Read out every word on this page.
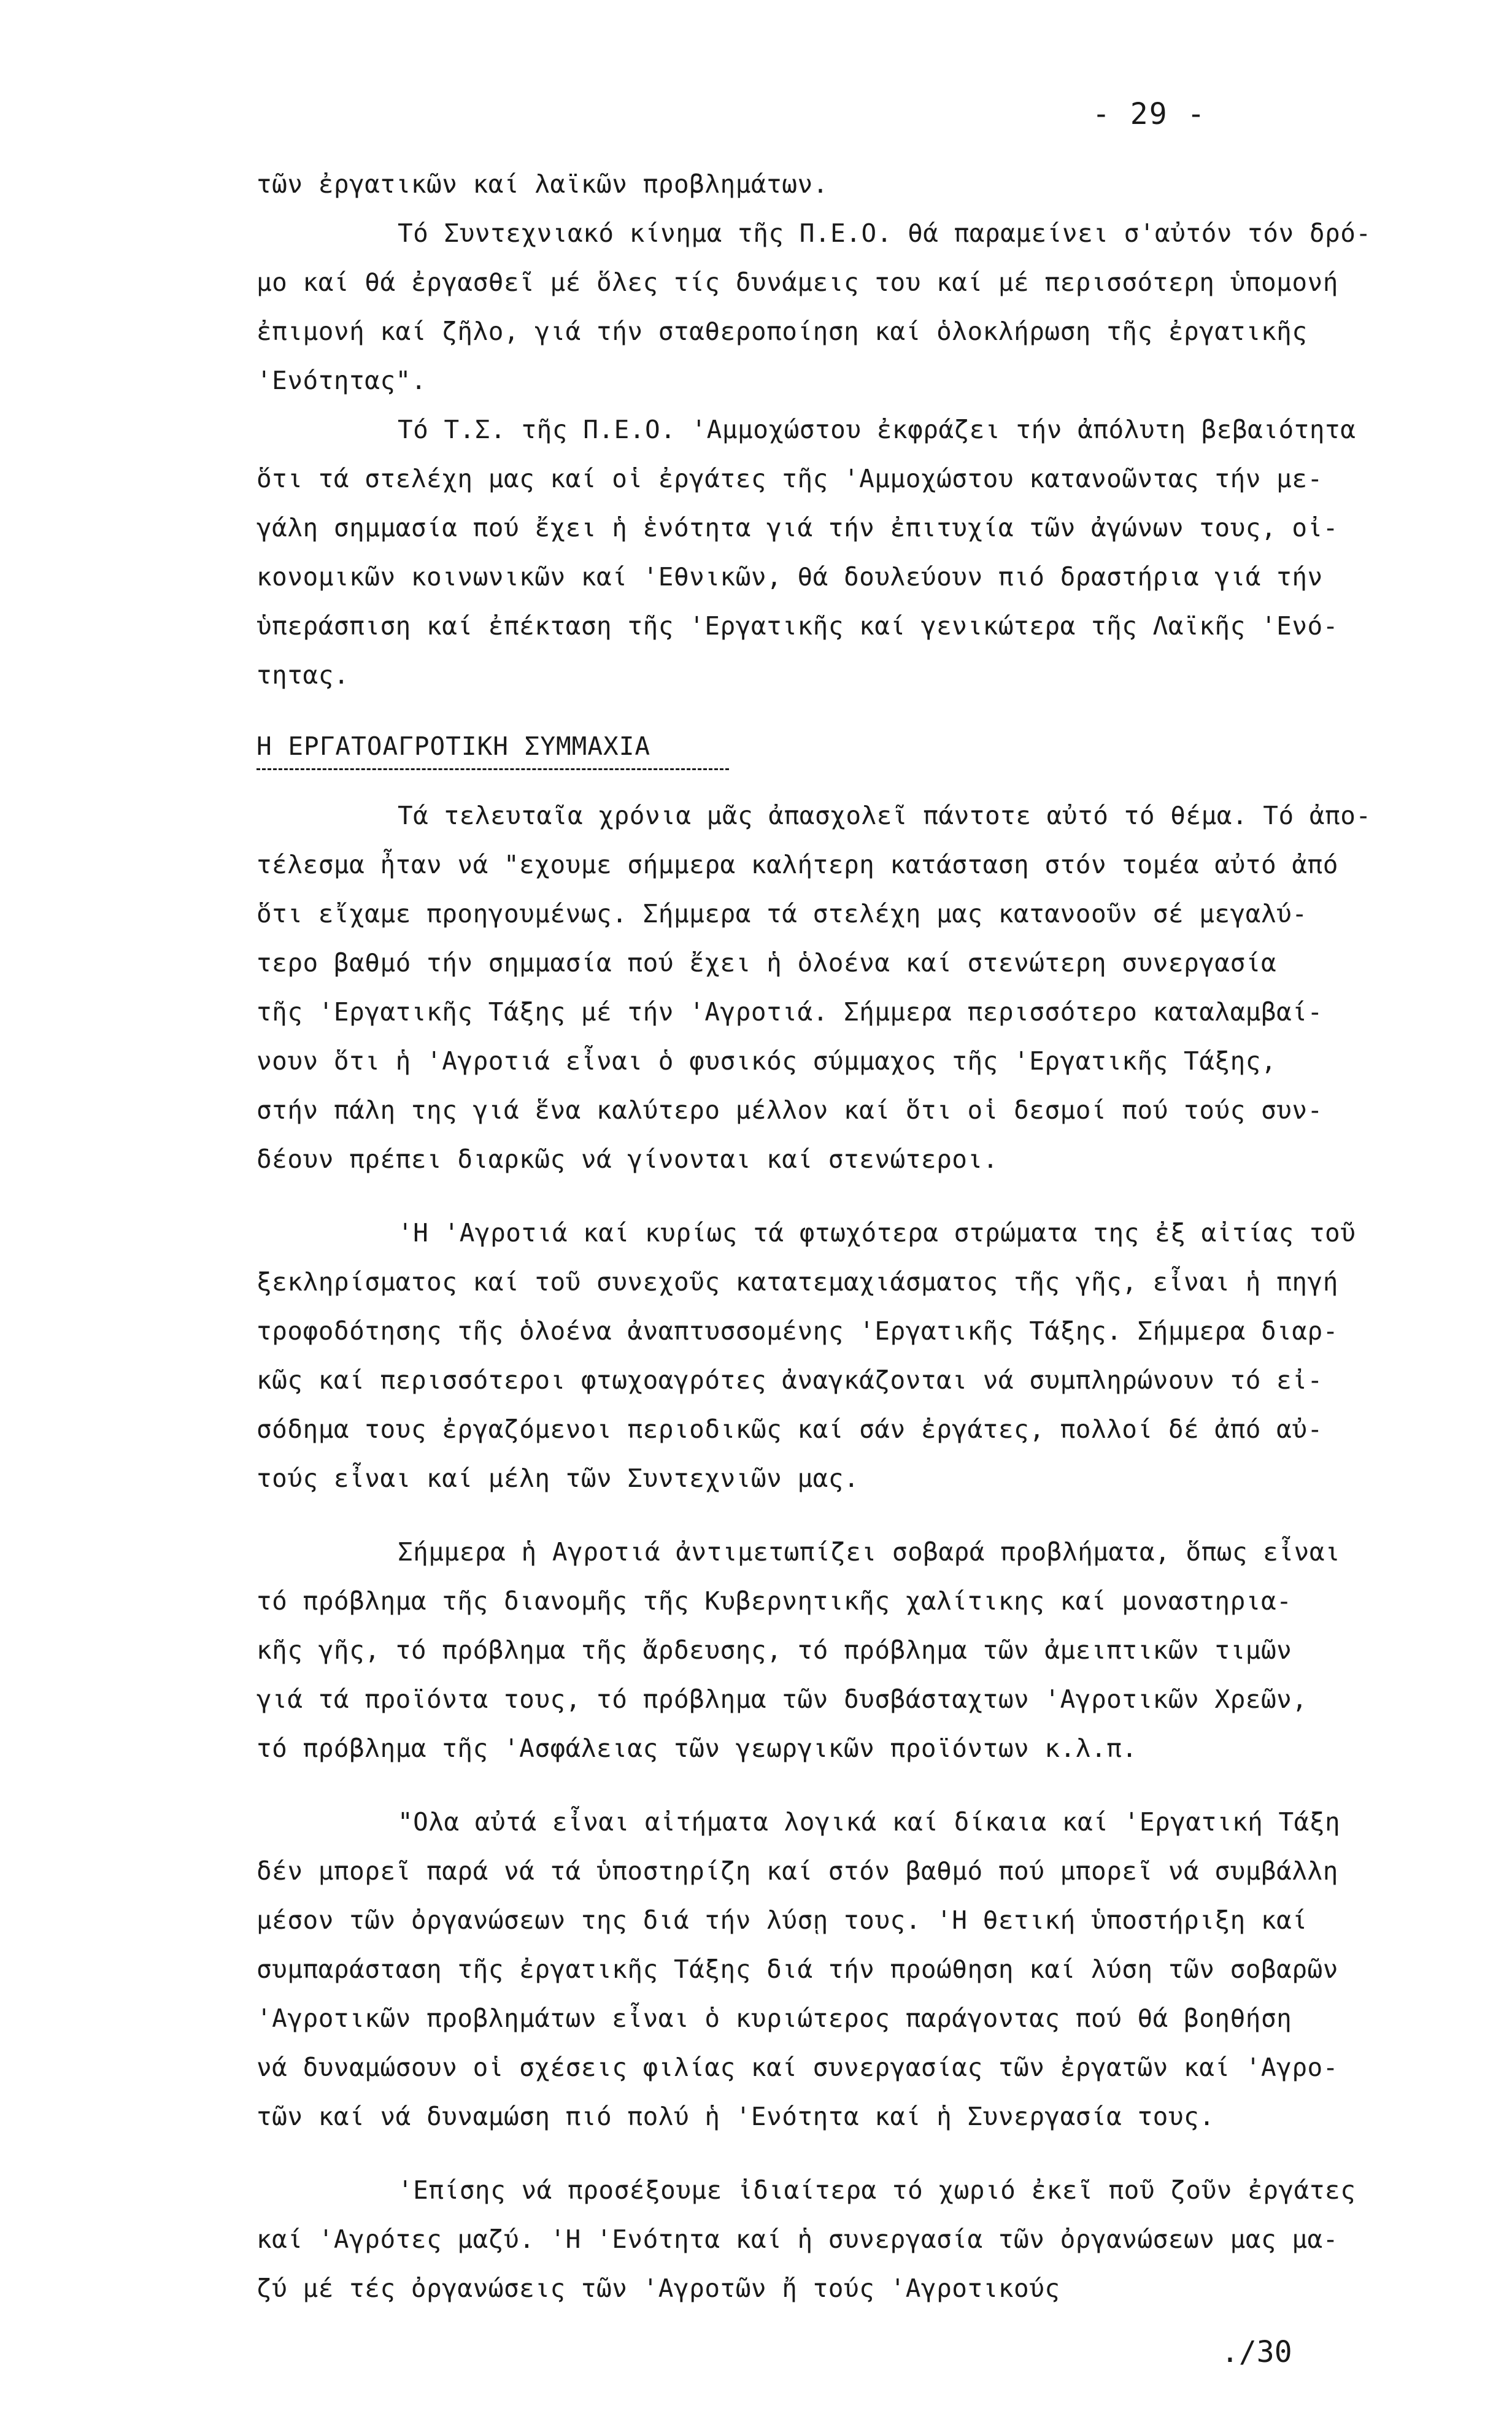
- 29 -
τῶν ἐργατικῶν καί λαϊκῶν προβλημάτων.
Τό Συντεχνιακό κίνημα τῆς Π.Ε.Ο. θά παραμείνει σ'αὐτόν τόν δρό-
μο καί θά ἐργασθεῖ μέ ὅλες τίς δυνάμεις του καί μέ περισσότερη ὑπομονή
ἐπιμονή καί ζῆλο, γιά τήν σταθεροποίηση καί ὁλοκλήρωση τῆς ἐργατικῆς
'Ενότητας".
Τό Τ.Σ. τῆς Π.Ε.Ο. 'Αμμοχώστου ἐκφράζει τήν ἀπόλυτη βεβαιότητα
ὅτι τά στελέχη μας καί οἱ ἐργάτες τῆς 'Αμμοχώστου κατανοῶντας τήν με-
γάλη σημμασία πού ἔχει ἡ ἑνότητα γιά τήν ἐπιτυχία τῶν ἀγώνων τους, οἰ-
κονομικῶν κοινωνικῶν καί 'Εθνικῶν, θά δουλεύουν πιό δραστήρια γιά τήν
ὑπεράσπιση καί ἐπέκταση τῆς 'Εργατικῆς καί γενικώτερα τῆς Λαϊκῆς 'Ενό-
τητας.
Η ΕΡΓΑΤΟΑΓΡΟΤΙΚΗ ΣΥΜΜΑΧΙΑ
Τά τελευταῖα χρόνια μᾶς ἀπασχολεῖ πάντοτε αὐτό τό θέμα. Τό ἀπο-
τέλεσμα ἦταν νά "εχουμε σήμμερα καλήτερη κατάσταση στόν τομέα αὐτό ἀπό
ὅτι εἴχαμε προηγουμένως. Σήμμερα τά στελέχη μας κατανοοῦν σέ μεγαλύ-
τερο βαθμό τήν σημμασία πού ἔχει ἡ ὁλοένα καί στενώτερη συνεργασία
τῆς 'Εργατικῆς Τάξης μέ τήν 'Αγροτιά. Σήμμερα περισσότερο καταλαμβαί-
νουν ὅτι ἡ 'Αγροτιά εἶναι ὁ φυσικός σύμμαχος τῆς 'Εργατικῆς Τάξης,
στήν πάλη της γιά ἕνα καλύτερο μέλλον καί ὅτι οἱ δεσμοί πού τούς συν-
δέουν πρέπει διαρκῶς νά γίνονται καί στενώτεροι.
'Η 'Αγροτιά καί κυρίως τά φτωχότερα στρώματα της ἐξ αἰτίας τοῦ
ξεκληρίσματος καί τοῦ συνεχοῦς κατατεμαχιάσματος τῆς γῆς, εἶναι ἡ πηγή
τροφοδότησης τῆς ὁλοένα ἀναπτυσσομένης 'Εργατικῆς Τάξης. Σήμμερα διαρ-
κῶς καί περισσότεροι φτωχοαγρότες ἀναγκάζονται νά συμπληρώνουν τό εἰ-
σόδημα τους ἐργαζόμενοι περιοδικῶς καί σάν ἐργάτες, πολλοί δέ ἀπό αὐ-
τούς εἶναι καί μέλη τῶν Συντεχνιῶν μας.
Σήμμερα ἡ Αγροτιά ἀντιμετωπίζει σοβαρά προβλήματα, ὅπως εἶναι
τό πρόβλημα τῆς διανομῆς τῆς Κυβερνητικῆς χαλίτικης καί μοναστηρια-
κῆς γῆς, τό πρόβλημα τῆς ἄρδευσης, τό πρόβλημα τῶν ἀμειπτικῶν τιμῶν
γιά τά προϊόντα τους, τό πρόβλημα τῶν δυσβάσταχτων 'Αγροτικῶν Χρεῶν,
τό πρόβλημα τῆς 'Ασφάλειας τῶν γεωργικῶν προϊόντων κ.λ.π.
"Ολα αὐτά εἶναι αἰτήματα λογικά καί δίκαια καί 'Εργατική Τάξη
δέν μπορεῖ παρά νά τά ὑποστηρίζη καί στόν βαθμό πού μπορεῖ νά συμβάλλη
μέσον τῶν ὀργανώσεων της διά τήν λύσῃ τους. 'Η θετική ὑποστήριξη καί
συμπαράσταση τῆς ἐργατικῆς Τάξης διά τήν προώθηση καί λύση τῶν σοβαρῶν
'Αγροτικῶν προβλημάτων εἶναι ὁ κυριώτερος παράγοντας πού θά βοηθήση
νά δυναμώσουν οἱ σχέσεις φιλίας καί συνεργασίας τῶν ἐργατῶν καί 'Αγρο-
τῶν καί νά δυναμώση πιό πολύ ἡ 'Ενότητα καί ἡ Συνεργασία τους.
'Επίσης νά προσέξουμε ἰδιαίτερα τό χωριό ἐκεῖ ποῦ ζοῦν ἐργάτες
καί 'Αγρότες μαζύ. 'Η 'Ενότητα καί ἡ συνεργασία τῶν ὀργανώσεων μας μα-
ζύ μέ τές ὀργανώσεις τῶν 'Αγροτῶν ἤ τούς 'Αγροτικούς
./30
